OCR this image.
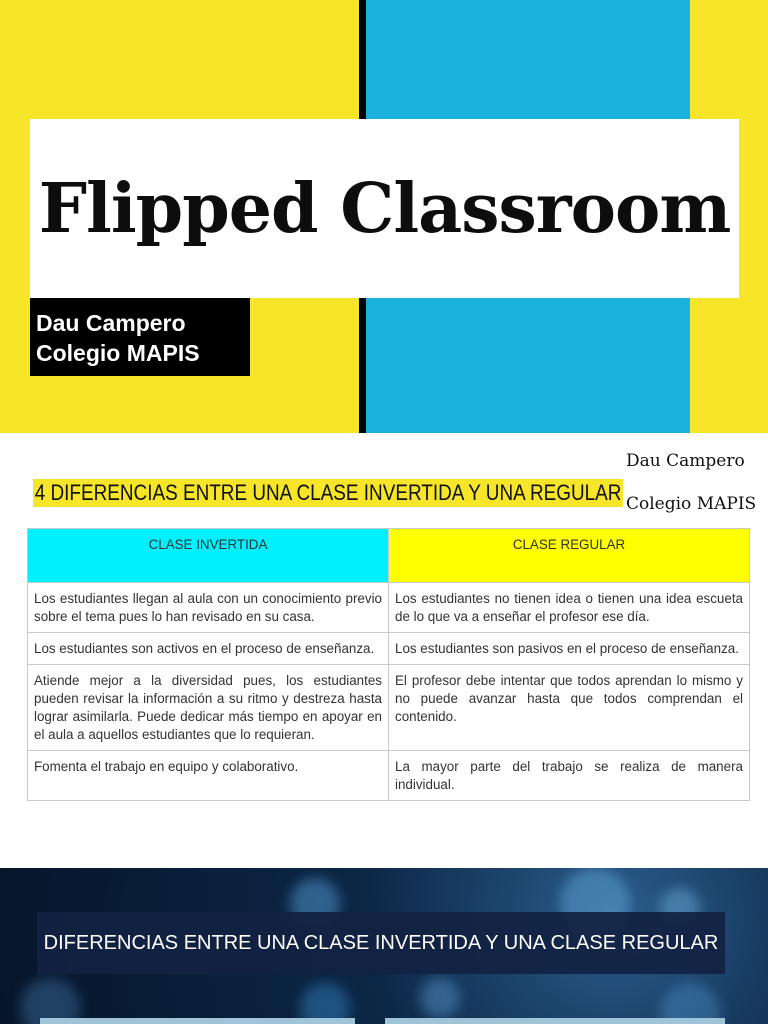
Flipped Classroom
Dau Campero
Colegio MAPIS
4 DIFERENCIAS ENTRE UNA CLASE INVERTIDA Y UNA REGULAR
Dau Campero
Colegio MAPIS
CLASE INVERTIDA	CLASE REGULAR
Los estudiantes llegan al aula con un conocimiento previo sobre el tema pues lo han revisado en su casa.	Los estudiantes no tienen idea o tienen una idea escueta de lo que va a enseñar el profesor ese día.
Los estudiantes son activos en el proceso de enseñanza.	Los estudiantes son pasivos en el proceso de enseñanza.
Atiende mejor a la diversidad pues, los estudiantes pueden revisar la información a su ritmo y destreza hasta lograr asimilarla. Puede dedicar más tiempo en apoyar en el aula a aquellos estudiantes que lo requieran.	El profesor debe intentar que todos aprendan lo mismo y no puede avanzar hasta que todos comprendan el contenido.
Fomenta el trabajo en equipo y colaborativo.	La mayor parte del trabajo se realiza de manera individual.
DIFERENCIAS ENTRE UNA CLASE INVERTIDA Y UNA CLASE REGULAR
